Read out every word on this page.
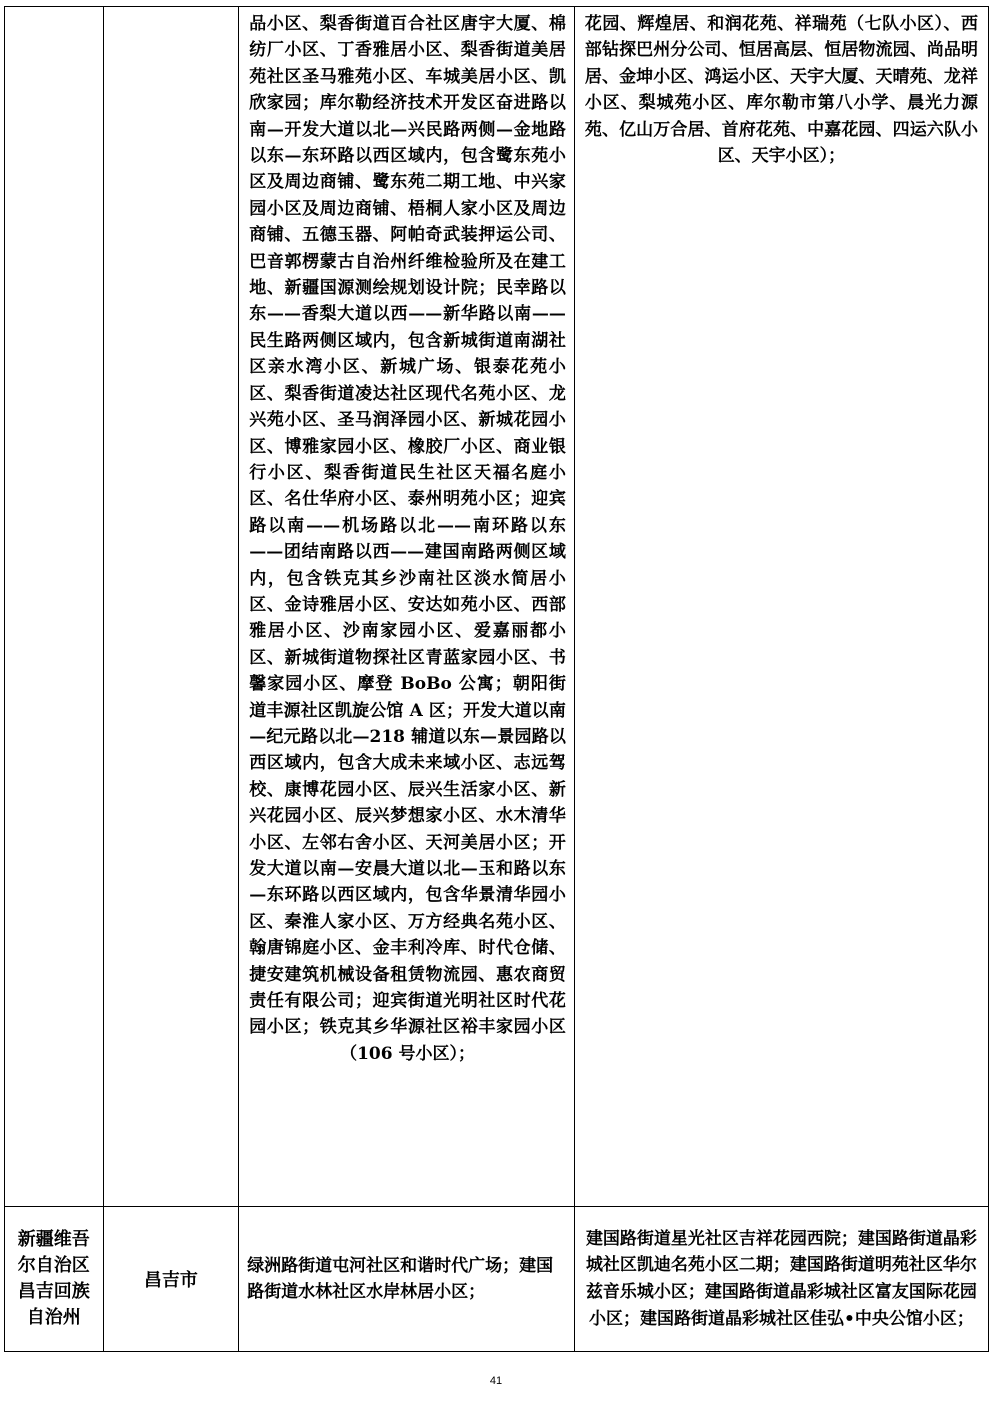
		品小区、梨香街道百合社区唐宇大厦、棉纺厂小区、丁香雅居小区、梨香街道美居苑社区圣马雅苑小区、车城美居小区、凯欣家园；库尔勒经济技术开发区奋进路以南—开发大道以北—兴民路两侧—金地路以东—东环路以西区域内，包含鹭东苑小区及周边商铺、鹭东苑二期工地、中兴家园小区及周边商铺、梧桐人家小区及周边商铺、五德玉器、阿帕奇武装押运公司、巴音郭楞蒙古自治州纤维检验所及在建工地、新疆国源测绘规划设计院；民幸路以东——香梨大道以西——新华路以南——民生路两侧区域内，包含新城街道南湖社区亲水湾小区、新城广场、银泰花苑小区、梨香街道凌达社区现代名苑小区、龙兴苑小区、圣马润泽园小区、新城花园小区、博雅家园小区、橡胶厂小区、商业银行小区、梨香街道民生社区天福名庭小区、名仕华府小区、泰州明苑小区；迎宾路以南——机场路以北——南环路以东——团结南路以西——建国南路两侧区域内，包含铁克其乡沙南社区淡水简居小区、金诗雅居小区、安达如苑小区、西部雅居小区、沙南家园小区、爱嘉丽都小区、新城街道物探社区青蓝家园小区、书馨家园小区、摩登 BoBo 公寓；朝阳街道丰源社区凯旋公馆 A 区；开发大道以南—纪元路以北—218 辅道以东—景园路以西区域内，包含大成未来域小区、志远驾校、康博花园小区、辰兴生活家小区、新兴花园小区、辰兴梦想家小区、水木清华小区、左邻右舍小区、天河美居小区；开发大道以南—安晨大道以北—玉和路以东—东环路以西区域内，包含华景清华园小区、秦淮人家小区、万方经典名苑小区、翰唐锦庭小区、金丰利冷库、时代仓储、捷安建筑机械设备租赁物流园、惠农商贸责任有限公司；迎宾街道光明社区时代花园小区；铁克其乡华源社区裕丰家园小区（106 号小区）；	花园、辉煌居、和润花苑、祥瑞苑（七队小区）、西部钻探巴州分公司、恒居高层、恒居物流园、尚品明居、金坤小区、鸿运小区、天宇大厦、天晴苑、龙祥小区、梨城苑小区、库尔勒市第八小学、晨光力源苑、亿山万合居、首府花苑、中嘉花园、四运六队小区、天宇小区）；

新疆维吾尔自治区昌吉回族自治州	昌吉市	绿洲路街道屯河社区和谐时代广场；建国路街道水林社区水岸林居小区；	建国路街道星光社区吉祥花园西院；建国路街道晶彩城社区凯迪名苑小区二期；建国路街道明苑社区华尔兹音乐城小区；建国路街道晶彩城社区富友国际花园小区；建国路街道晶彩城社区佳弘•中央公馆小区；
41
